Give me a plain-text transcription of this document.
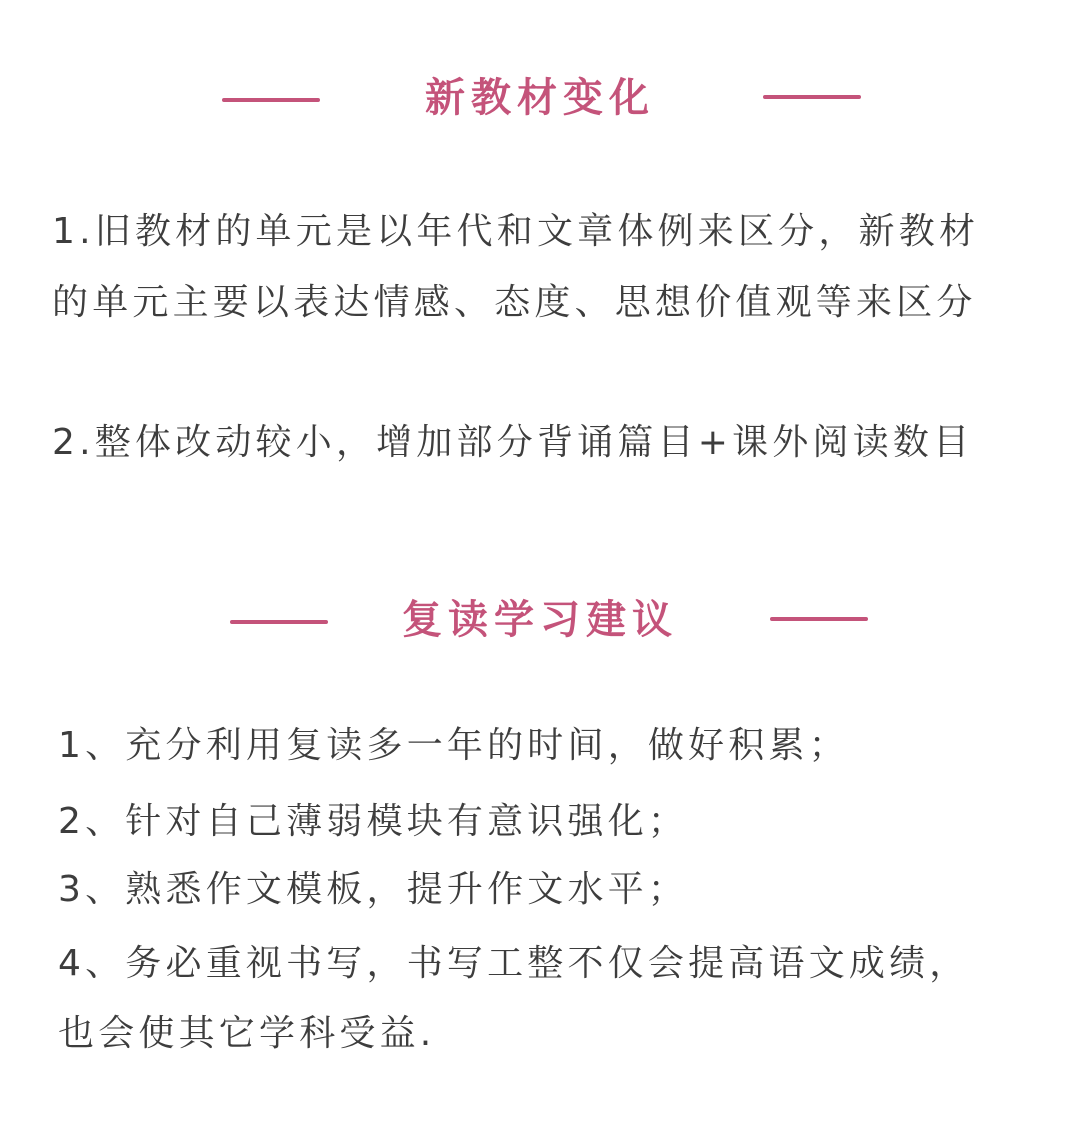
新教材变化
1.旧教材的单元是以年代和文章体例来区分，新教材
的单元主要以表达情感、态度、思想价值观等来区分
2.整体改动较小，增加部分背诵篇目+课外阅读数目
复读学习建议
1、充分利用复读多一年的时间，做好积累；
2、针对自己薄弱模块有意识强化；
3、熟悉作文模板，提升作文水平；
4、务必重视书写，书写工整不仅会提高语文成绩，
也会使其它学科受益.
